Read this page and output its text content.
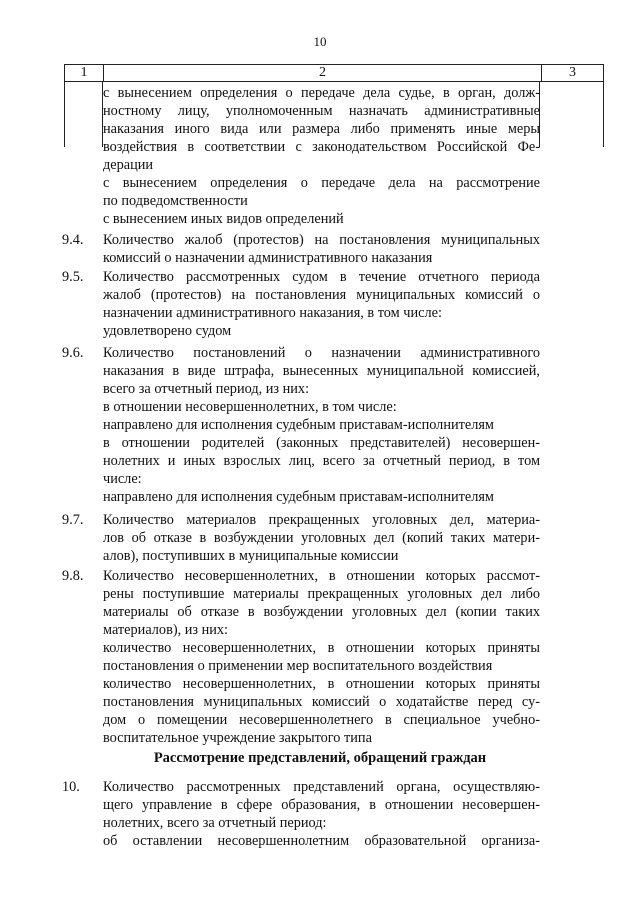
10
1	2	3
с вынесением определения о передаче дела судье, в орган, долж-
ностному лицу, уполномоченным назначать административные
наказания иного вида или размера либо применять иные меры
воздействия в соответствии с законодательством Российской Фе-
дерации
с вынесением определения о передаче дела на рассмотрение
по подведомственности
с вынесением иных видов определений
9.4. Количество жалоб (протестов) на постановления муниципальных
комиссий о назначении административного наказания
9.5. Количество рассмотренных судом в течение отчетного периода
жалоб (протестов) на постановления муниципальных комиссий о
назначении административного наказания, в том числе:
удовлетворено судом
9.6. Количество постановлений о назначении административного
наказания в виде штрафа, вынесенных муниципальной комиссией,
всего за отчетный период, из них:
в отношении несовершеннолетних, в том числе:
направлено для исполнения судебным приставам-исполнителям
в отношении родителей (законных представителей) несовершен-
нолетних и иных взрослых лиц, всего за отчетный период, в том
числе:
направлено для исполнения судебным приставам-исполнителям
9.7. Количество материалов прекращенных уголовных дел, материа-
лов об отказе в возбуждении уголовных дел (копий таких матери-
алов), поступивших в муниципальные комиссии
9.8. Количество несовершеннолетних, в отношении которых рассмот-
рены поступившие материалы прекращенных уголовных дел либо
материалы об отказе в возбуждении уголовных дел (копии таких
материалов), из них:
количество несовершеннолетних, в отношении которых приняты
постановления о применении мер воспитательного воздействия
количество несовершеннолетних, в отношении которых приняты
постановления муниципальных комиссий о ходатайстве перед су-
дом о помещении несовершеннолетнего в специальное учебно-
воспитательное учреждение закрытого типа
Рассмотрение представлений, обращений граждан
10. Количество рассмотренных представлений органа, осуществляю-
щего управление в сфере образования, в отношении несовершен-
нолетних, всего за отчетный период:
об оставлении несовершеннолетним образовательной организа-
